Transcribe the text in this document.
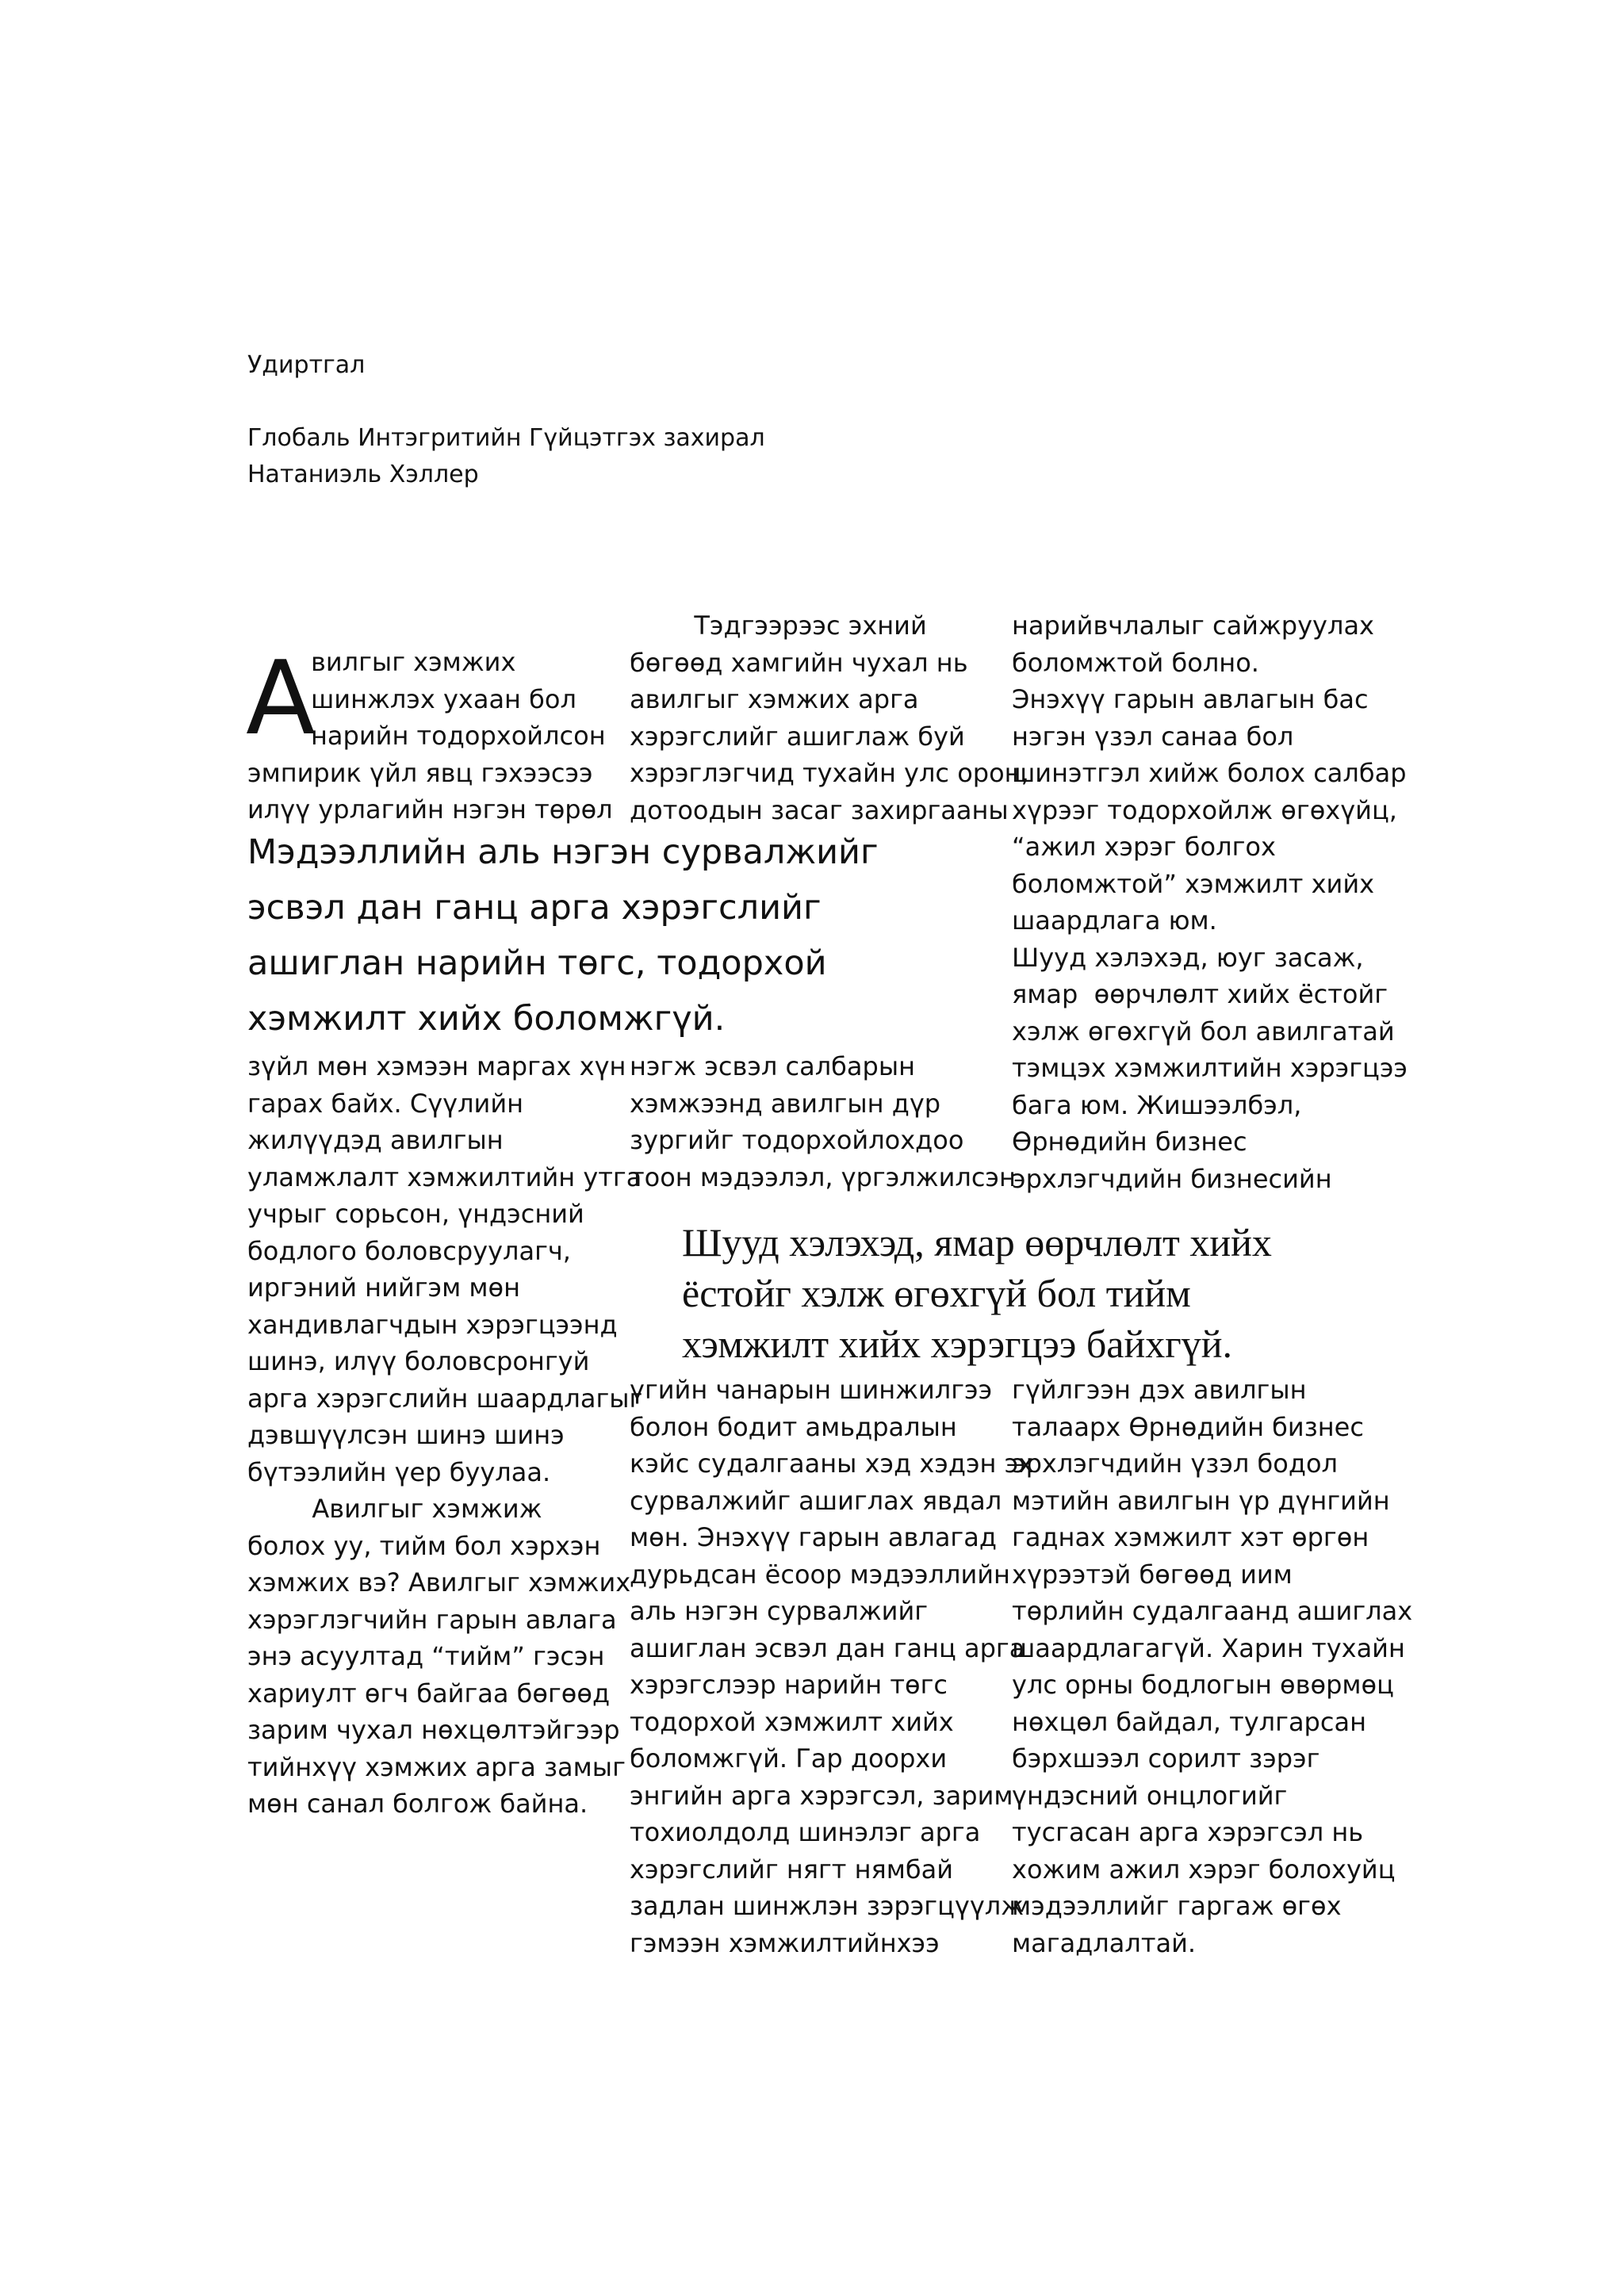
Удиртгал
Глобаль Интэгритийн Гүйцэтгэх захирал
Натаниэль Хэллер
А
вилгыг хэмжих
шинжлэх ухаан бол
нарийн тодорхойлсон
эмпирик үйл явц гэхээсээ
илүү урлагийн нэгэн төрөл
зүйл мөн хэмээн маргах хүн
гарах байх. Сүүлийн
жилүүдэд авилгын
уламжлалт хэмжилтийн утга
учрыг сорьсон, үндэсний
бодлого боловсруулагч,
иргэний нийгэм мөн
хандивлагчдын хэрэгцээнд
шинэ, илүү боловсронгуй
арга хэрэгслийн шаардлагыг
дэвшүүлсэн шинэ шинэ
бүтээлийн үер буулаа.
Авилгыг хэмжиж
болох уу, тийм бол хэрхэн
хэмжих вэ? Авилгыг хэмжих
хэрэглэгчийн гарын авлага
энэ асуултад “тийм” гэсэн
хариулт өгч байгаа бөгөөд
зарим чухал нөхцөлтэйгээр
тийнхүү хэмжих арга замыг
мөн санал болгож байна.
Тэдгээрээс эхний
бөгөөд хамгийн чухал нь
авилгыг хэмжих арга
хэрэгслийг ашиглаж буй
хэрэглэгчид тухайн улс орон,
дотоодын засаг захиргааны
нэгж эсвэл салбарын
хэмжээнд авилгын дүр
зургийг тодорхойлохдоо
тоон мэдээлэл, үргэлжилсэн
үгийн чанарын шинжилгээ
болон бодит амьдралын
кэйс судалгааны хэд хэдэн эх
сурвалжийг ашиглах явдал
мөн. Энэхүү гарын авлагад
дурьдсан ёсоор мэдээллийн
аль нэгэн сурвалжийг
ашиглан эсвэл дан ганц арга
хэрэгслээр нарийн төгс
тодорхой хэмжилт хийх
боломжгүй. Гар доорхи
энгийн арга хэрэгсэл, зарим
тохиолдолд шинэлэг арга
хэрэгслийг нягт нямбай
задлан шинжлэн зэрэгцүүлж
гэмээн хэмжилтийнхээ
нарийвчлалыг сайжруулах
боломжтой болно.
Энэхүү гарын авлагын бас
нэгэн үзэл санаа бол
шинэтгэл хийж болох салбар
хүрээг тодорхойлж өгөхүйц,
“ажил хэрэг болгох
боломжтой” хэмжилт хийх
шаардлага юм.
Шууд хэлэхэд, юуг засаж,
ямар  өөрчлөлт хийх ёстойг
хэлж өгөхгүй бол авилгатай
тэмцэх хэмжилтийн хэрэгцээ
бага юм. Жишээлбэл,
Өрнөдийн бизнес
эрхлэгчдийн бизнесийн
гүйлгээн дэх авилгын
талаарх Өрнөдийн бизнес
эрхлэгчдийн үзэл бодол
мэтийн авилгын үр дүнгийн
гаднах хэмжилт хэт өргөн
хүрээтэй бөгөөд иим
төрлийн судалгаанд ашиглах
шаардлагагүй. Харин тухайн
улс орны бодлогын өвөрмөц
нөхцөл байдал, тулгарсан
бэрхшээл сорилт зэрэг
үндэсний онцлогийг
тусгасан арга хэрэгсэл нь
хожим ажил хэрэг болохуйц
мэдээллийг гаргаж өгөх
магадлалтай.
Мэдээллийн аль нэгэн сурвалжийг
эсвэл дан ганц арга хэрэгслийг
ашиглан нарийн төгс, тодорхой
хэмжилт хийх боломжгүй.
Шууд хэлэхэд, ямар өөрчлөлт хийх
ёстойг хэлж өгөхгүй бол тийм
хэмжилт хийх хэрэгцээ байхгүй.
